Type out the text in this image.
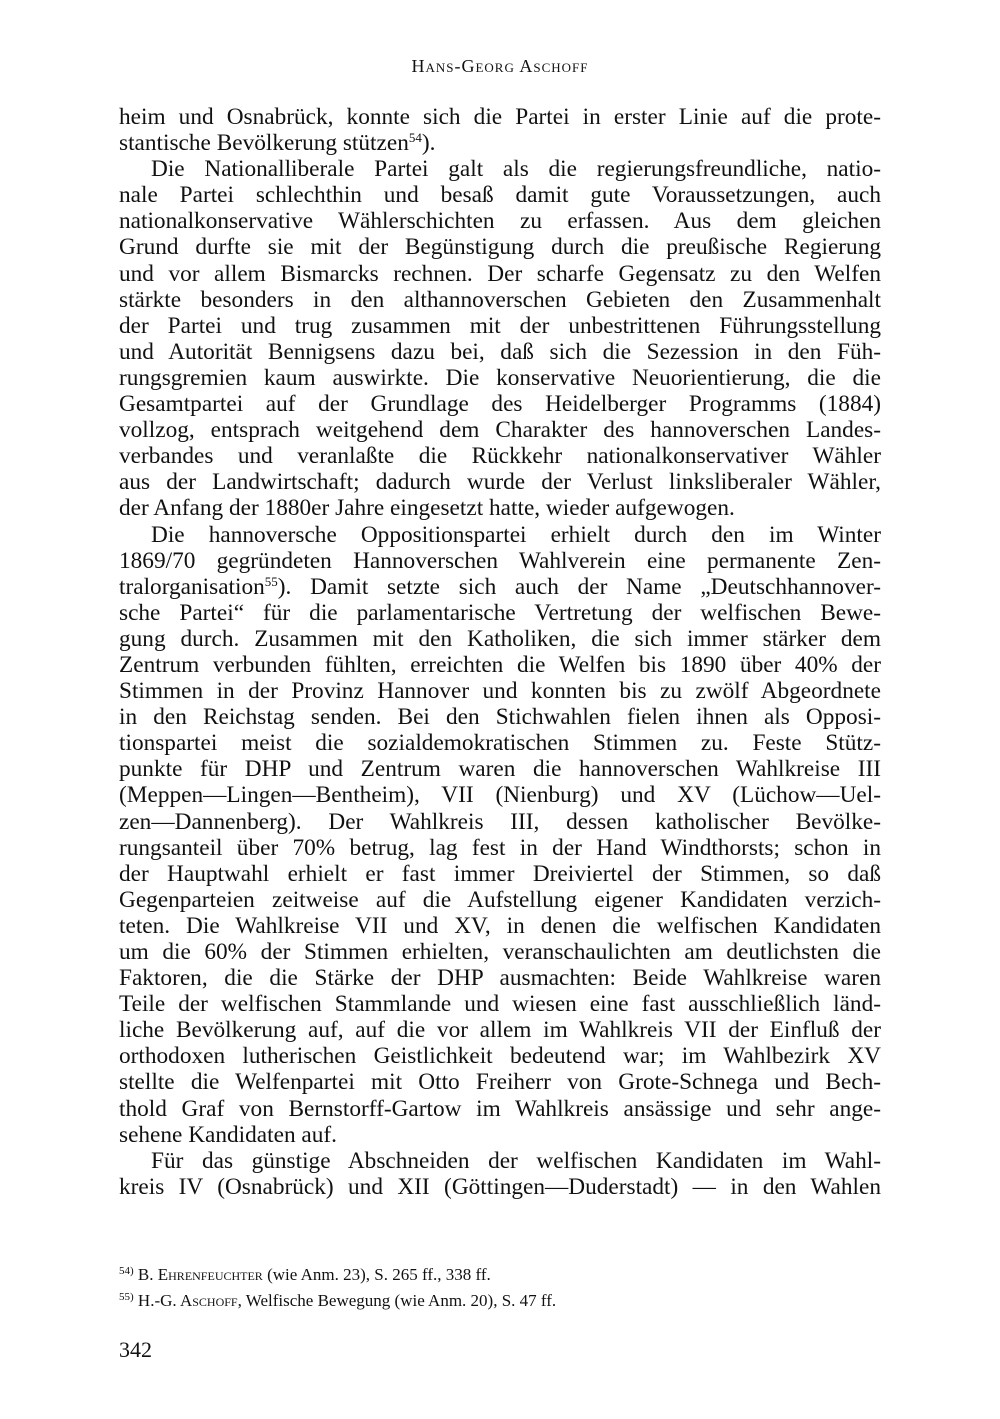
Hans-Georg Aschoff
heim und Osnabrück, konnte sich die Partei in erster Linie auf die prote-
stantische Bevölkerung stützen$^{54}$).
Die Nationalliberale Partei galt als die regierungsfreundliche, natio-
nale Partei schlechthin und besaß damit gute Voraussetzungen, auch
nationalkonservative Wählerschichten zu erfassen. Aus dem gleichen
Grund durfte sie mit der Begünstigung durch die preußische Regierung
und vor allem Bismarcks rechnen. Der scharfe Gegensatz zu den Welfen
stärkte besonders in den althannoverschen Gebieten den Zusammenhalt
der Partei und trug zusammen mit der unbestrittenen Führungsstellung
und Autorität Bennigsens dazu bei, daß sich die Sezession in den Füh-
rungsgremien kaum auswirkte. Die konservative Neuorientierung, die die
Gesamtpartei auf der Grundlage des Heidelberger Programms (1884)
vollzog, entsprach weitgehend dem Charakter des hannoverschen Landes-
verbandes und veranlaßte die Rückkehr nationalkonservativer Wähler
aus der Landwirtschaft; dadurch wurde der Verlust linksliberaler Wähler,
der Anfang der 1880er Jahre eingesetzt hatte, wieder aufgewogen.
Die hannoversche Oppositionspartei erhielt durch den im Winter
1869/70 gegründeten Hannoverschen Wahlverein eine permanente Zen-
tralorganisation$^{55}$). Damit setzte sich auch der Name „Deutschhannover-
sche Partei“ für die parlamentarische Vertretung der welfischen Bewe-
gung durch. Zusammen mit den Katholiken, die sich immer stärker dem
Zentrum verbunden fühlten, erreichten die Welfen bis 1890 über 40% der
Stimmen in der Provinz Hannover und konnten bis zu zwölf Abgeordnete
in den Reichstag senden. Bei den Stichwahlen fielen ihnen als Opposi-
tionspartei meist die sozialdemokratischen Stimmen zu. Feste Stütz-
punkte für DHP und Zentrum waren die hannoverschen Wahlkreise III
(Meppen—Lingen—Bentheim), VII (Nienburg) und XV (Lüchow—Uel-
zen—Dannenberg). Der Wahlkreis III, dessen katholischer Bevölke-
rungsanteil über 70% betrug, lag fest in der Hand Windthorsts; schon in
der Hauptwahl erhielt er fast immer Dreiviertel der Stimmen, so daß
Gegenparteien zeitweise auf die Aufstellung eigener Kandidaten verzich-
teten. Die Wahlkreise VII und XV, in denen die welfischen Kandidaten
um die 60% der Stimmen erhielten, veranschaulichten am deutlichsten die
Faktoren, die die Stärke der DHP ausmachten: Beide Wahlkreise waren
Teile der welfischen Stammlande und wiesen eine fast ausschließlich länd-
liche Bevölkerung auf, auf die vor allem im Wahlkreis VII der Einfluß der
orthodoxen lutherischen Geistlichkeit bedeutend war; im Wahlbezirk XV
stellte die Welfenpartei mit Otto Freiherr von Grote-Schnega und Bech-
thold Graf von Bernstorff-Gartow im Wahlkreis ansässige und sehr ange-
sehene Kandidaten auf.
Für das günstige Abschneiden der welfischen Kandidaten im Wahl-
kreis IV (Osnabrück) und XII (Göttingen—Duderstadt) — in den Wahlen
$^{54)}$ B. Ehrenfeuchter (wie Anm. 23), S. 265 ff., 338 ff.
$^{55)}$ H.-G. Aschoff, Welfische Bewegung (wie Anm. 20), S. 47 ff.
342
